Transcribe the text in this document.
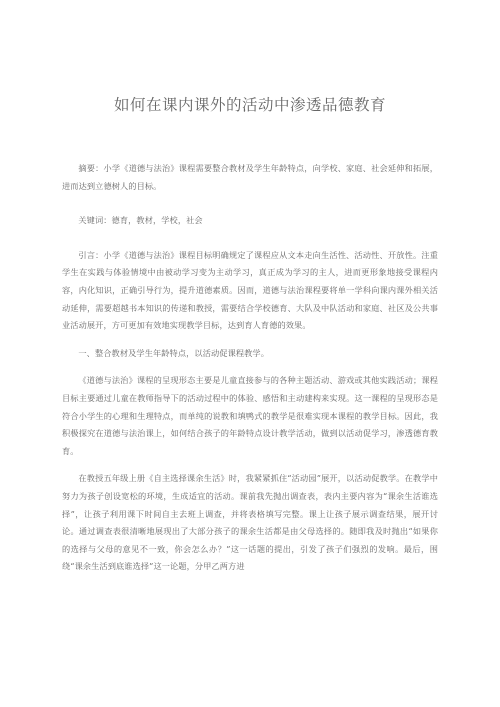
如何在课内课外的活动中渗透品德教育

摘要：小学《道德与法治》课程需要整合教材及学生年龄特点，向学校、家庭、社会延伸和拓展，进而达到立德树人的目标。

关键词：德育，教材，学校，社会

引言：小学《道德与法治》课程目标明确规定了课程应从文本走向生活性、活动性、开放性。注重学生在实践与体验情境中由被动学习变为主动学习，真正成为学习的主人，进而更形象地接受课程内容，内化知识，正确引导行为，提升道德素质。因而，道德与法治课程要将单一学科向课内课外相关活动延伸，需要超越书本知识的传递和教授，需要结合学校德育、大队及中队活动和家庭、社区及公共事业活动展开，方可更加有效地实现教学目标，达到育人育德的效果。

一、整合教材及学生年龄特点，以活动促课程教学。

《道德与法治》课程的呈现形态主要是儿童直接参与的各种主题活动、游戏或其他实践活动；课程目标主要通过儿童在教师指导下的活动过程中的体验、感悟和主动建构来实现。这一课程的呈现形态是符合小学生的心理和生理特点，而单纯的说教和填鸭式的教学是很难实现本课程的教学目标。因此，我积极探究在道德与法治课上，如何结合孩子的年龄特点设计教学活动，做到以活动促学习，渗透德育教育。

在教授五年级上册《自主选择课余生活》时，我紧紧抓住“活动园”展开，以活动促教学。在教学中努力为孩子创设宽松的环境，生成适宜的活动。课前我先抛出调查表，表内主要内容为“课余生活谁选择”，让孩子利用课下时间自主去班上调查，并将表格填写完整。课上让孩子展示调查结果，展开讨论。通过调查表很清晰地展现出了大部分孩子的课余生活都是由父母选择的。随即我及时抛出“如果你的选择与父母的意见不一致，你会怎么办？”这一话题的提出，引发了孩子们强烈的发响。最后，围绕“课余生活到底谁选择”这一论题，分甲乙两方进
